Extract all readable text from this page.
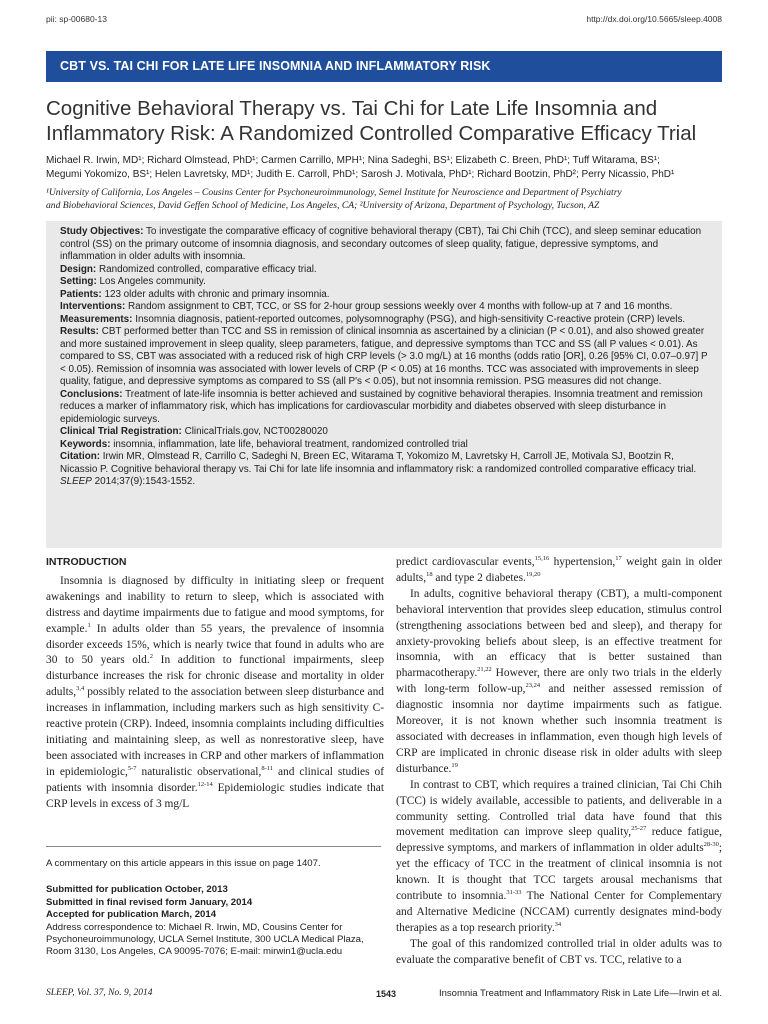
pii: sp-00680-13	http://dx.doi.org/10.5665/sleep.4008
CBT VS. TAI CHI FOR LATE LIFE INSOMNIA AND INFLAMMATORY RISK
Cognitive Behavioral Therapy vs. Tai Chi for Late Life Insomnia and
Inflammatory Risk: A Randomized Controlled Comparative Efficacy Trial
Michael R. Irwin, MD¹; Richard Olmstead, PhD¹; Carmen Carrillo, MPH¹; Nina Sadeghi, BS¹; Elizabeth C. Breen, PhD¹; Tuff Witarama, BS¹;
Megumi Yokomizo, BS¹; Helen Lavretsky, MD¹; Judith E. Carroll, PhD¹; Sarosh J. Motivala, PhD¹; Richard Bootzin, PhD²; Perry Nicassio, PhD¹
¹University of California, Los Angeles – Cousins Center for Psychoneuroimmunology, Semel Institute for Neuroscience and Department of Psychiatry
and Biobehavioral Sciences, David Geffen School of Medicine, Los Angeles, CA; ²University of Arizona, Department of Psychology, Tucson, AZ

Study Objectives: To investigate the comparative efficacy of cognitive behavioral therapy (CBT), Tai Chi Chih (TCC), and sleep seminar education control (SS) on the primary outcome of insomnia diagnosis, and secondary outcomes of sleep quality, fatigue, depressive symptoms, and inflammation in older adults with insomnia.

Design: Randomized controlled, comparative efficacy trial.

Setting: Los Angeles community.

Patients: 123 older adults with chronic and primary insomnia.

Interventions: Random assignment to CBT, TCC, or SS for 2-hour group sessions weekly over 4 months with follow-up at 7 and 16 months.

Measurements: Insomnia diagnosis, patient-reported outcomes, polysomnography (PSG), and high-sensitivity C-reactive protein (CRP) levels.

Results: CBT performed better than TCC and SS in remission of clinical insomnia as ascertained by a clinician (P < 0.01), and also showed greater and more sustained improvement in sleep quality, sleep parameters, fatigue, and depressive symptoms than TCC and SS (all P values < 0.01). As compared to SS, CBT was associated with a reduced risk of high CRP levels (> 3.0 mg/L) at 16 months (odds ratio [OR], 0.26 [95% CI, 0.07–0.97] P < 0.05). Remission of insomnia was associated with lower levels of CRP (P < 0.05) at 16 months. TCC was associated with improvements in sleep quality, fatigue, and depressive symptoms as compared to SS (all P's < 0.05), but not insomnia remission. PSG measures did not change.

Conclusions: Treatment of late-life insomnia is better achieved and sustained by cognitive behavioral therapies. Insomnia treatment and remission reduces a marker of inflammatory risk, which has implications for cardiovascular morbidity and diabetes observed with sleep disturbance in epidemiologic surveys.

Clinical Trial Registration: ClinicalTrials.gov, NCT00280020

Keywords: insomnia, inflammation, late life, behavioral treatment, randomized controlled trial

Citation: Irwin MR, Olmstead R, Carrillo C, Sadeghi N, Breen EC, Witarama T, Yokomizo M, Lavretsky H, Carroll JE, Motivala SJ, Bootzin R, Nicassio P. Cognitive behavioral therapy vs. Tai Chi for late life insomnia and inflammatory risk: a randomized controlled comparative efficacy trial. SLEEP 2014;37(9):1543-1552.

INTRODUCTION

Insomnia is diagnosed by difficulty in initiating sleep or frequent awakenings and inability to return to sleep, which is associated with distress and daytime impairments due to fatigue and mood symptoms, for example.$^1$ In adults older than 55 years, the prevalence of insomnia disorder exceeds 15%, which is nearly twice that found in adults who are 30 to 50 years old.$^2$ In addition to functional impairments, sleep disturbance increases the risk for chronic disease and mortality in older adults,$^{3,4}$ possibly related to the association between sleep disturbance and increases in inflammation, including markers such as high sensitivity C-reactive protein (CRP). Indeed, insomnia complaints including difficulties initiating and maintaining sleep, as well as nonrestorative sleep, have been associated with increases in CRP and other markers of inflammation in epidemiologic,$^{5-7}$ naturalistic observational,$^{8-11}$ and clinical studies of patients with insomnia disorder.$^{12-14}$ Epidemiologic studies indicate that CRP levels in excess of 3 mg/L

predict cardiovascular events,$^{15,16}$ hypertension,$^{17}$ weight gain in older adults,$^{18}$ and type 2 diabetes.$^{19,20}$

In adults, cognitive behavioral therapy (CBT), a multi-component behavioral intervention that provides sleep education, stimulus control (strengthening associations between bed and sleep), and therapy for anxiety-provoking beliefs about sleep, is an effective treatment for insomnia, with an efficacy that is better sustained than pharmacotherapy.$^{21,22}$ However, there are only two trials in the elderly with long-term follow-up,$^{23,24}$ and neither assessed remission of diagnostic insomnia nor daytime impairments such as fatigue. Moreover, it is not known whether such insomnia treatment is associated with decreases in inflammation, even though high levels of CRP are implicated in chronic disease risk in older adults with sleep disturbance.$^{19}$

In contrast to CBT, which requires a trained clinician, Tai Chi Chih (TCC) is widely available, accessible to patients, and deliverable in a community setting. Controlled trial data have found that this movement meditation can improve sleep quality,$^{25-27}$ reduce fatigue, depressive symptoms, and markers of inflammation in older adults$^{28-30}$; yet the efficacy of TCC in the treatment of clinical insomnia is not known. It is thought that TCC targets arousal mechanisms that contribute to insomnia.$^{31-33}$ The National Center for Complementary and Alternative Medicine (NCCAM) currently designates mind-body therapies as a top research priority.$^{34}$

The goal of this randomized controlled trial in older adults was to evaluate the comparative benefit of CBT vs. TCC, relative to a

A commentary on this article appears in this issue on page 1407.

Submitted for publication October, 2013

Submitted in final revised form January, 2014

Accepted for publication March, 2014

Address correspondence to: Michael R. Irwin, MD, Cousins Center for Psychoneuroimmunology, UCLA Semel Institute, 300 UCLA Medical Plaza, Room 3130, Los Angeles, CA 90095-7076; E-mail: mirwin1@ucla.edu

SLEEP, Vol. 37, No. 9, 2014	1543	Insomnia Treatment and Inflammatory Risk in Late Life—Irwin et al.
